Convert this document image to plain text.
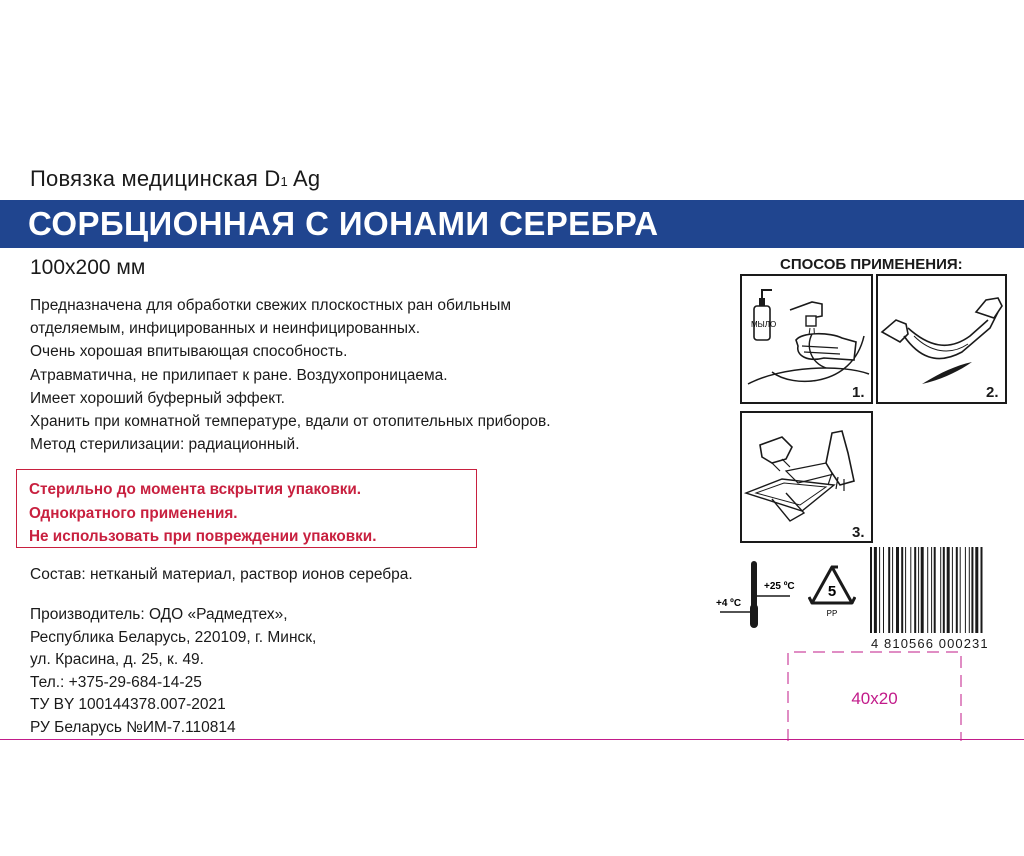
Повязка медицинская D1 Ag
СОРБЦИОННАЯ С ИОНАМИ СЕРЕБРА
100x200 мм
Предназначена для обработки свежих плоскостных ран обильным
отделяемым, инфицированных и неинфицированных.
Очень хорошая впитывающая способность.
Атравматична, не прилипает к ране. Воздухопроницаема.
Имеет хороший буферный эффект.
Хранить при комнатной температуре, вдали от отопительных приборов.
Метод стерилизации: радиационный.
Стерильно до момента вскрытия упаковки.
Однократного применения.
Не использовать при повреждении упаковки.
Состав: нетканый материал, раствор ионов серебра.
Производитель: ОДО «Радмедтех»,
Республика Беларусь, 220109, г. Минск,
ул. Красина, д. 25, к. 49.
Тел.: +375-29-684-14-25
ТУ BY 100144378.007-2021
РУ Беларусь №ИМ-7.110814
СПОСОБ ПРИМЕНЕНИЯ:
МЫЛО
1.	2.
3.
+4 ºC
+25 ºC 5
PP
4 810566 000231
40x20
